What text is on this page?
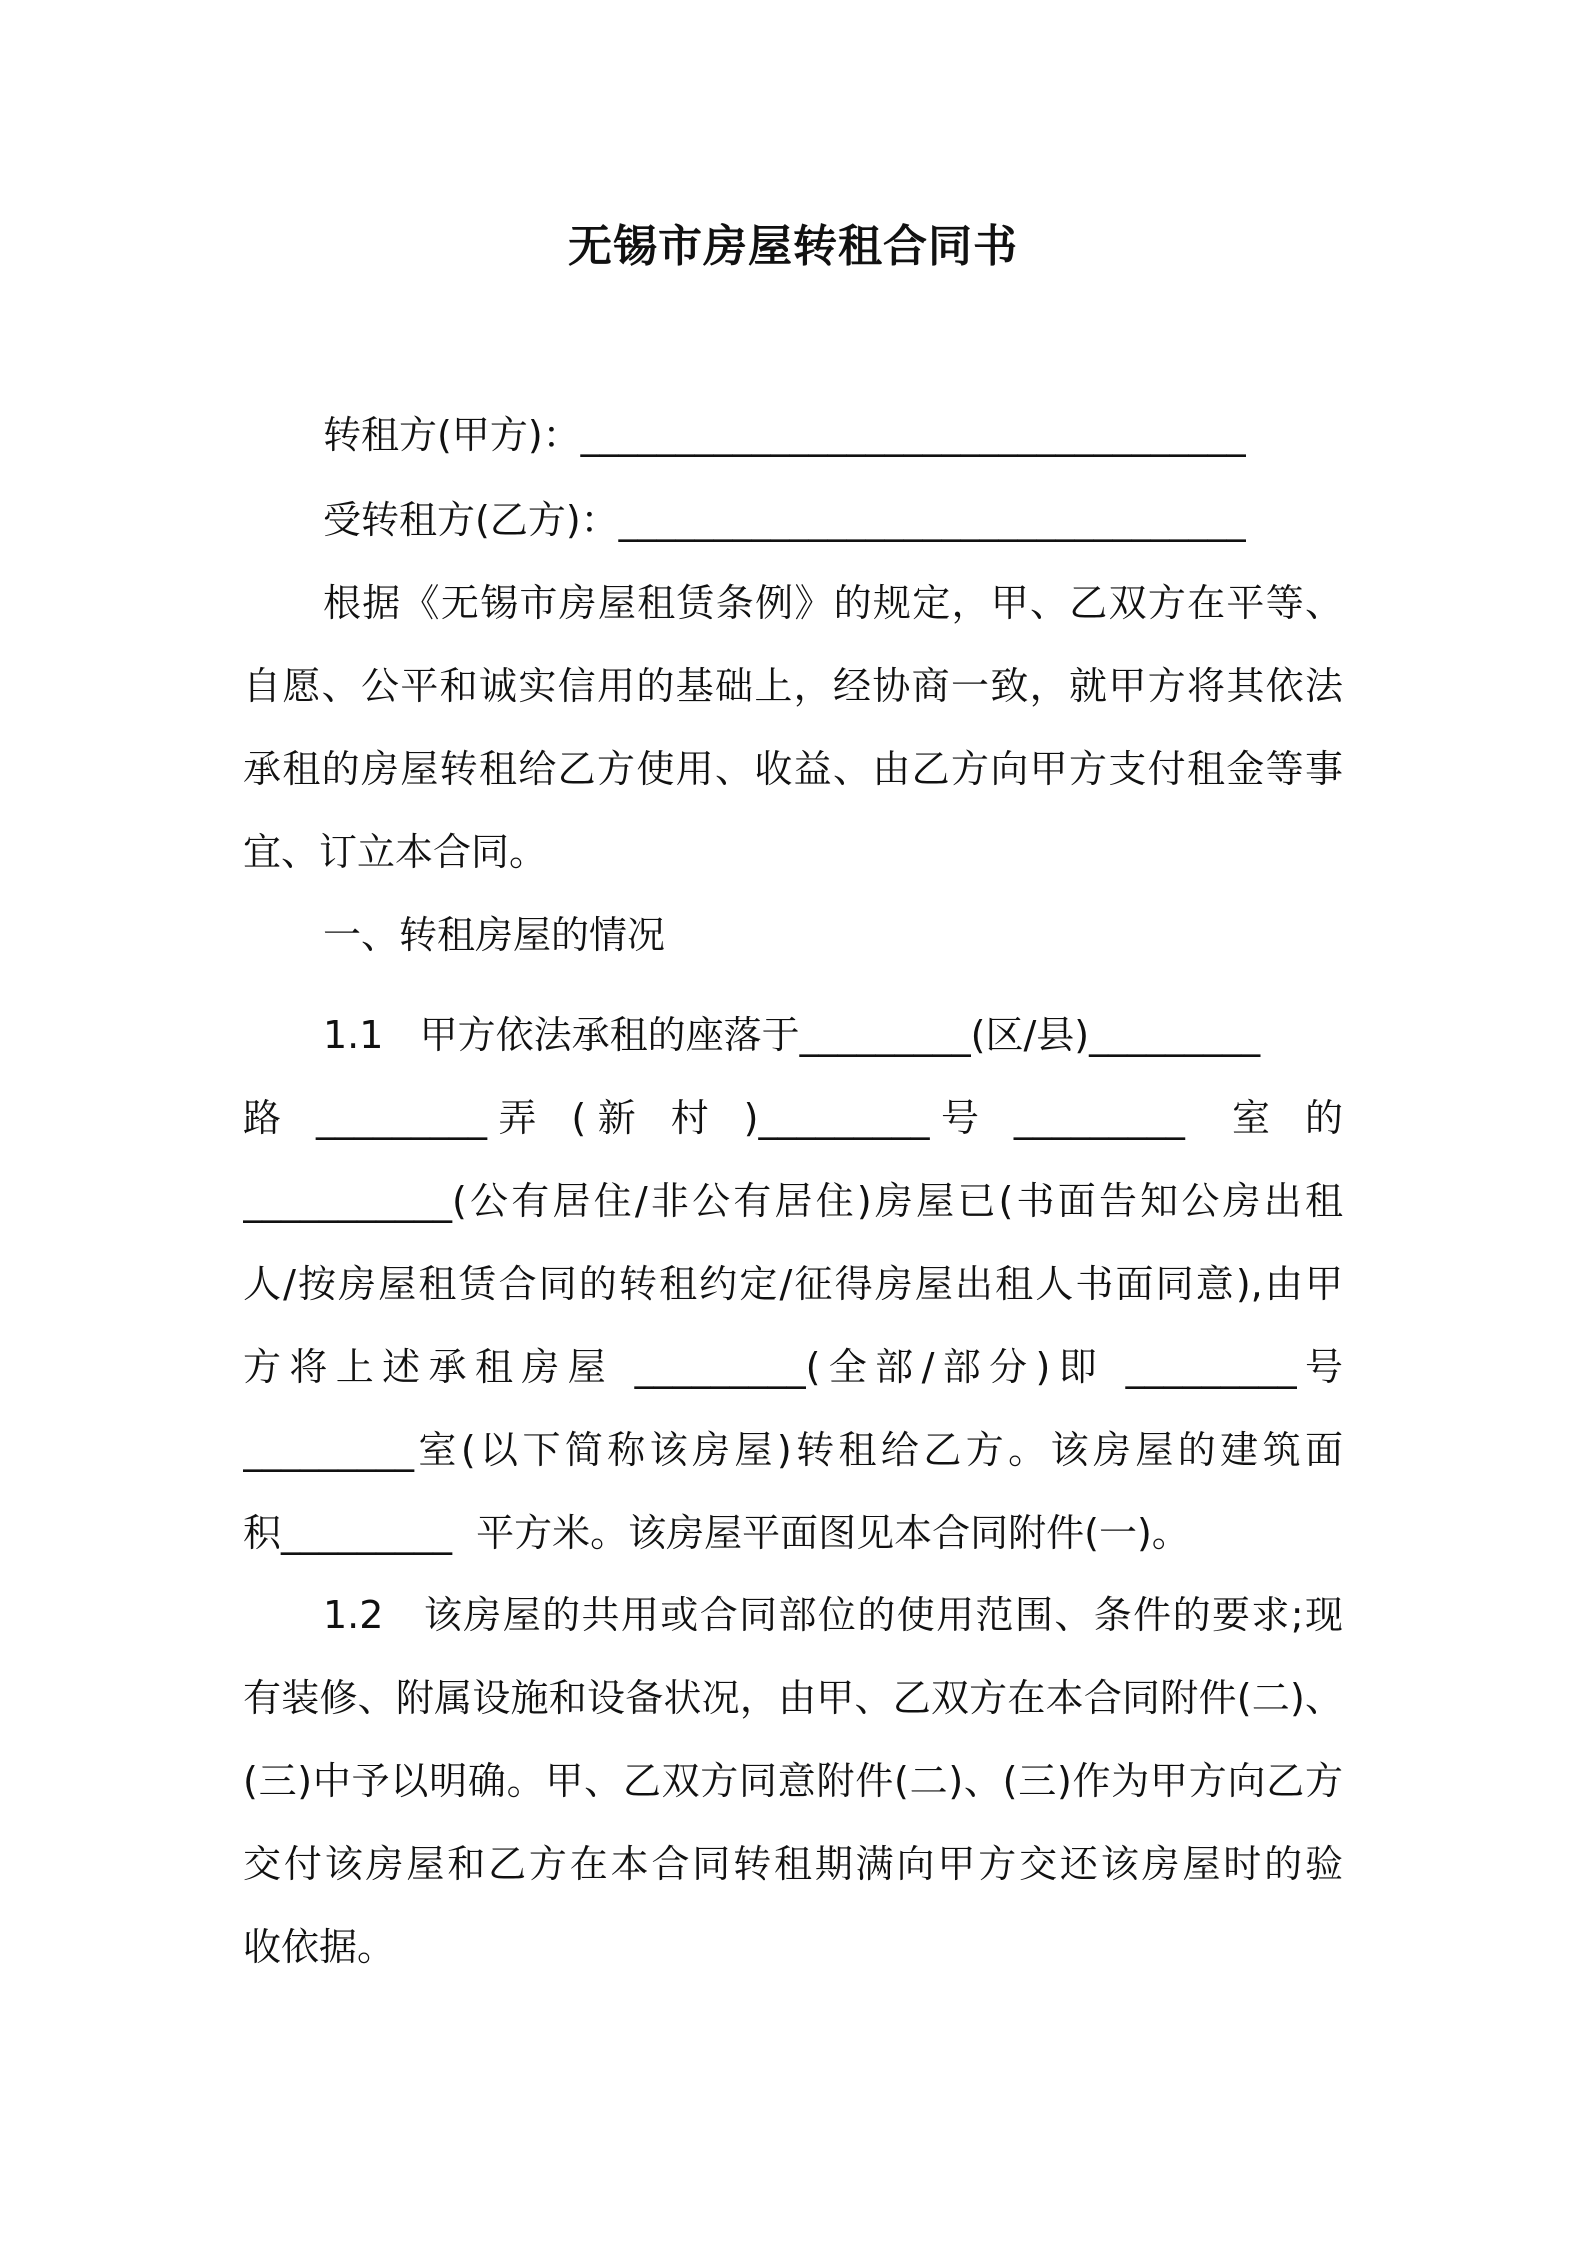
无锡市房屋转租合同书
转租方(甲方)：___________________________________
受转租方(乙方)：_________________________________
根据《无锡市房屋租赁条例》的规定，甲、乙双方在平等、
自愿、公平和诚实信用的基础上，经协商一致，就甲方将其依法
承租的房屋转租给乙方使用、收益、由乙方向甲方支付租金等事
宜、订立本合同。
一、转租房屋的情况
1.1   甲方依法承租的座落于_________(区/县)_________
路 _________弄 (新 村 )_________号 _________  室 的
___________(公有居住/非公有居住)房屋已(书面告知公房出租
人/按房屋租赁合同的转租约定/征得房屋出租人书面同意),由甲
方将上述承租房屋 _________(全部/部分)即 _________号
_________室(以下简称该房屋)转租给乙方。该房屋的建筑面
积_________  平方米。该房屋平面图见本合同附件(一)。
1.2   该房屋的共用或合同部位的使用范围、条件的要求;现
有装修、附属设施和设备状况，由甲、乙双方在本合同附件(二)、
(三)中予以明确。甲、乙双方同意附件(二)、(三)作为甲方向乙方
交付该房屋和乙方在本合同转租期满向甲方交还该房屋时的验
收依据。
